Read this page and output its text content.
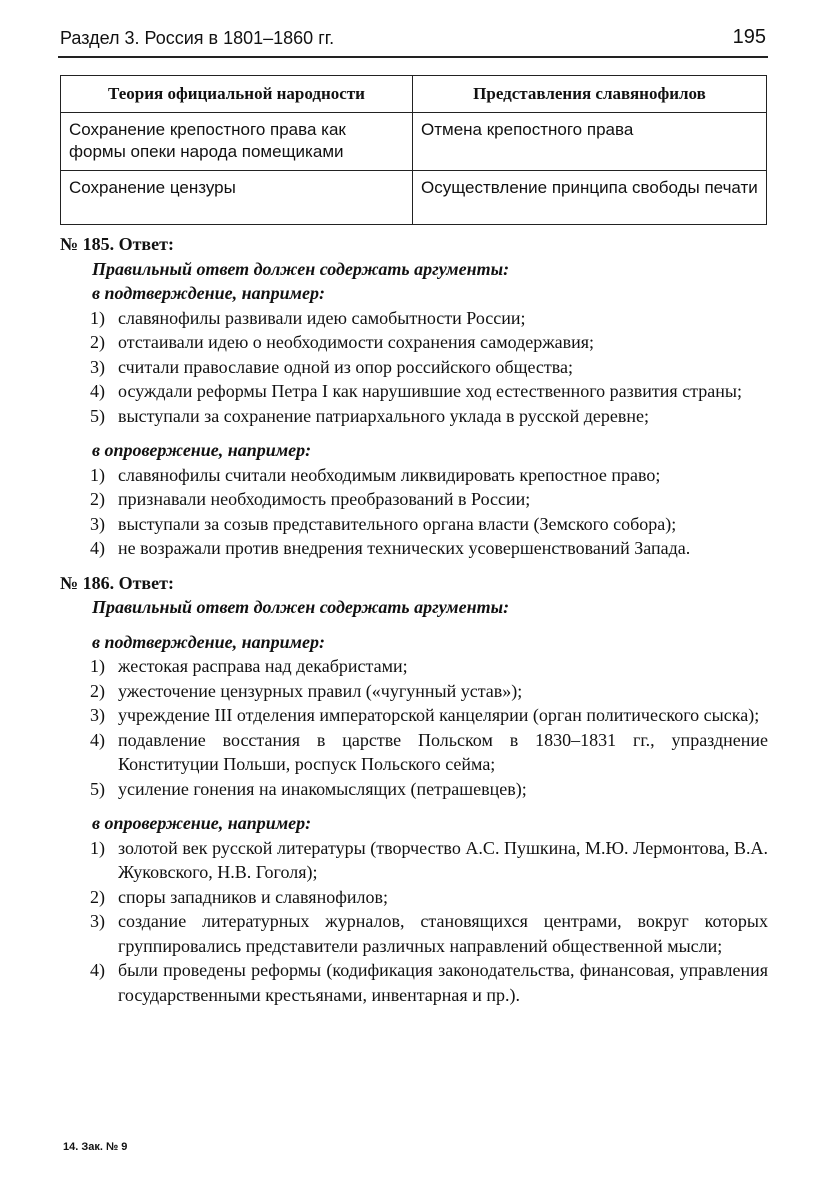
Раздел 3. Россия в 1801–1860 гг.	195
Теория официальной народности	Представления славянофилов
Сохранение крепостного права как формы опеки народа помещиками	Отмена крепостного права
Сохранение цензуры	Осуществление принципа свободы печати

№ 185. Ответ:

Правильный ответ должен содержать аргументы:

в подтверждение, например:

1) славянофилы развивали идею самобытности России;
2) отстаивали идею о необходимости сохранения самодержавия;
3) считали православие одной из опор российского общества;
4) осуждали реформы Петра I как нарушившие ход естественного развития страны;
5) выступали за сохранение патриархального уклада в русской деревне;

в опровержение, например:

1) славянофилы считали необходимым ликвидировать крепостное право;
2) признавали необходимость преобразований в России;
3) выступали за созыв представительного органа власти (Земского собора);
4) не возражали против внедрения технических усовершенствований Запада.

№ 186. Ответ:

Правильный ответ должен содержать аргументы:

в подтверждение, например:

1) жестокая расправа над декабристами;
2) ужесточение цензурных правил («чугунный устав»);
3) учреждение III отделения императорской канцелярии (орган политического сыска);
4) подавление восстания в царстве Польском в 1830–1831 гг., упразднение Конституции Польши, роспуск Польского сейма;
5) усиление гонения на инакомыслящих (петрашевцев);

в опровержение, например:

1) золотой век русской литературы (творчество А.С. Пушкина, М.Ю. Лермонтова, В.А. Жуковского, Н.В. Гоголя);
2) споры западников и славянофилов;
3) создание литературных журналов, становящихся центрами, вокруг которых группировались представители различных направлений общественной мысли;
4) были проведены реформы (кодификация законодательства, финансовая, управления государственными крестьянами, инвентарная и пр.).
14. Зак. № 9
